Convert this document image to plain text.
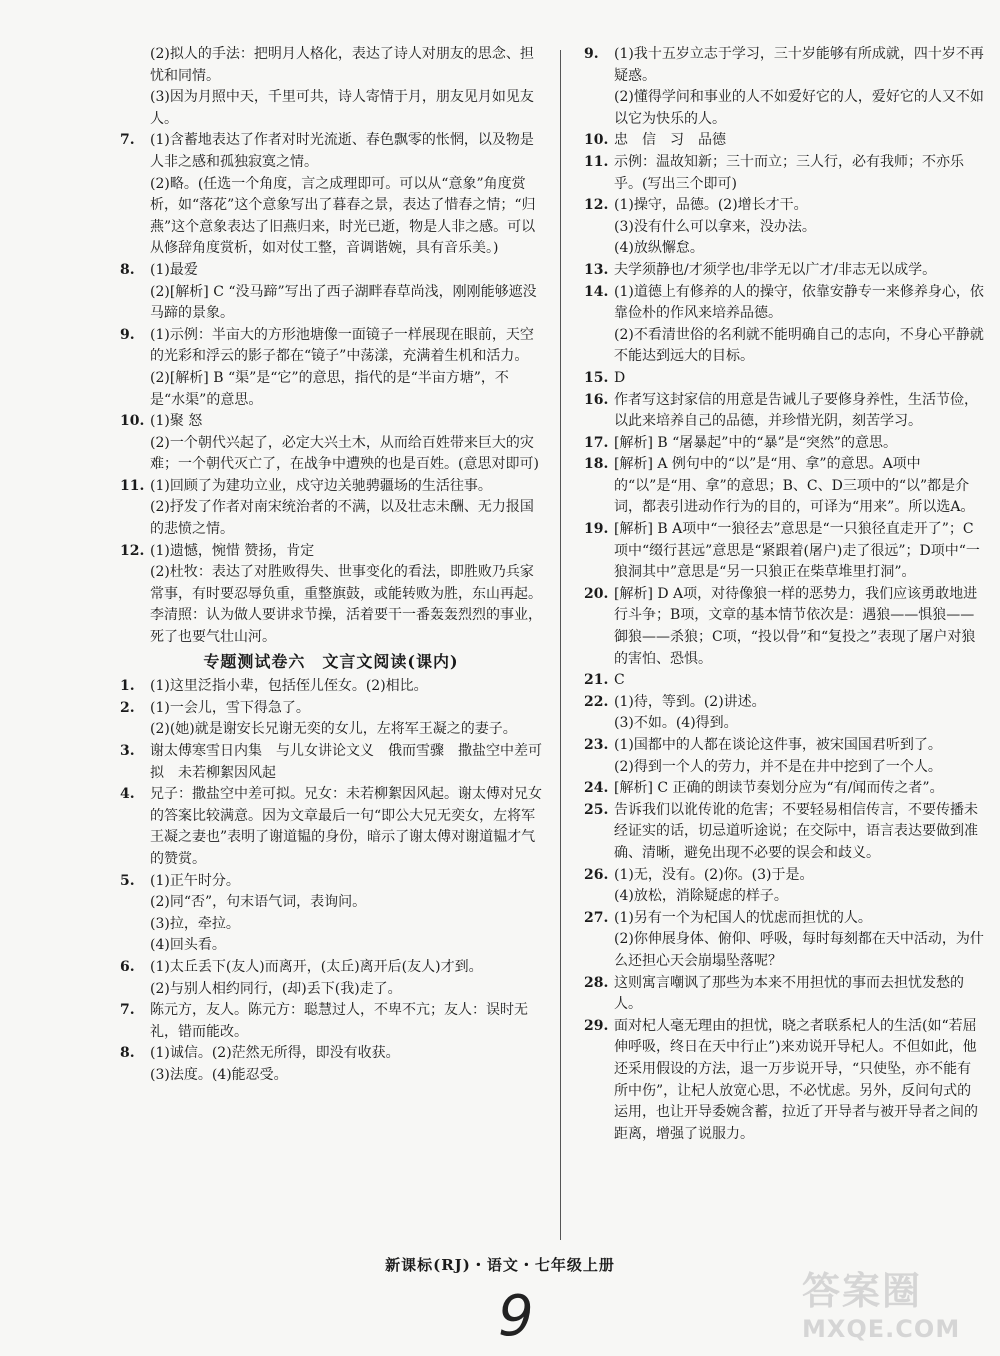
(2)拟人的手法：把明月人格化，表达了诗人对朋友的思念、担忧和同情。

(3)因为月照中天，千里可共，诗人寄情于月，朋友见月如见友人。

7. (1)含蓄地表达了作者对时光流逝、春色飘零的怅惘，以及物是人非之感和孤独寂寞之情。

(2)略。(任选一个角度，言之成理即可。可以从“意象”角度赏析，如“落花”这个意象写出了暮春之景，表达了惜春之情；“归燕”这个意象表达了旧燕归来，时光已逝，物是人非之感。可以从修辞角度赏析，如对仗工整，音调谐婉，具有音乐美。)

8. (1)最爱

(2)[解析] C “没马蹄”写出了西子湖畔春草尚浅，刚刚能够遮没马蹄的景象。

9. (1)示例：半亩大的方形池塘像一面镜子一样展现在眼前，天空的光彩和浮云的影子都在“镜子”中荡漾，充满着生机和活力。

(2)[解析] B “渠”是“它”的意思，指代的是“半亩方塘”，不是“水渠”的意思。

10. (1)聚 怒

(2)一个朝代兴起了，必定大兴土木，从而给百姓带来巨大的灾难；一个朝代灭亡了，在战争中遭殃的也是百姓。(意思对即可)

11. (1)回顾了为建功立业，戍守边关驰骋疆场的生活往事。

(2)抒发了作者对南宋统治者的不满，以及壮志未酬、无力报国的悲愤之情。

12. (1)遗憾，惋惜 赞扬，肯定

(2)杜牧：表达了对胜败得失、世事变化的看法，即胜败乃兵家常事，有时要忍辱负重，重整旗鼓，或能转败为胜，东山再起。

李清照：认为做人要讲求节操，活着要干一番轰轰烈烈的事业，死了也要气壮山河。

专题测试卷六　文言文阅读(课内)
1. (1)这里泛指小辈，包括侄儿侄女。(2)相比。

2. (1)一会儿，雪下得急了。

(2)(她)就是谢安长兄谢无奕的女儿，左将军王凝之的妻子。

3. 谢太傅寒雪日内集　与儿女讲论文义　俄而雪骤　撒盐空中差可拟　未若柳絮因风起

4. 兄子：撒盐空中差可拟。兄女：未若柳絮因风起。谢太傅对兄女的答案比较满意。因为文章最后一句“即公大兄无奕女，左将军王凝之妻也”表明了谢道韫的身份，暗示了谢太傅对谢道韫才气的赞赏。

5. (1)正午时分。

(2)同“否”，句末语气词，表询问。

(3)拉，牵拉。

(4)回头看。

6. (1)太丘丢下(友人)而离开，(太丘)离开后(友人)才到。

(2)与别人相约同行，(却)丢下(我)走了。

7. 陈元方，友人。陈元方：聪慧过人，不卑不亢；友人：误时无礼，错而能改。

8. (1)诚信。(2)茫然无所得，即没有收获。

(3)法度。(4)能忍受。

9. (1)我十五岁立志于学习，三十岁能够有所成就，四十岁不再疑惑。

(2)懂得学问和事业的人不如爱好它的人，爱好它的人又不如以它为快乐的人。

10. 忠　信　习　品德

11. 示例：温故知新；三十而立；三人行，必有我师；不亦乐乎。(写出三个即可)

12. (1)操守，品德。(2)增长才干。

(3)没有什么可以拿来，没办法。

(4)放纵懈怠。

13. 夫学须静也/才须学也/非学无以广才/非志无以成学。

14. (1)道德上有修养的人的操守，依靠安静专一来修养身心，依靠俭朴的作风来培养品德。

(2)不看清世俗的名利就不能明确自己的志向，不身心平静就不能达到远大的目标。

15. D

16. 作者写这封家信的用意是告诫儿子要修身养性，生活节俭，以此来培养自己的品德，并珍惜光阴，刻苦学习。

17. [解析] B “屠暴起”中的“暴”是“突然”的意思。

18. [解析] A 例句中的“以”是“用、拿”的意思。A项中的“以”是“用、拿”的意思；B、C、D三项中的“以”都是介词，都表引进动作行为的目的，可译为“用来”。所以选A。

19. [解析] B A项中“一狼径去”意思是“一只狼径直走开了”；C项中“缀行甚远”意思是“紧跟着(屠户)走了很远”；D项中“一狼洞其中”意思是“另一只狼正在柴草堆里打洞”。

20. [解析] D A项，对待像狼一样的恶势力，我们应该勇敢地进行斗争；B项，文章的基本情节依次是：遇狼——惧狼——御狼——杀狼；C项，“投以骨”和“复投之”表现了屠户对狼的害怕、恐惧。

21. C

22. (1)待，等到。(2)讲述。

(3)不如。(4)得到。

23. (1)国都中的人都在谈论这件事，被宋国国君听到了。

(2)得到一个人的劳力，并不是在井中挖到了一个人。

24. [解析] C 正确的朗读节奏划分应为“有/闻而传之者”。

25. 告诉我们以讹传讹的危害；不要轻易相信传言，不要传播未经证实的话，切忌道听途说；在交际中，语言表达要做到准确、清晰，避免出现不必要的误会和歧义。

26. (1)无，没有。(2)你。(3)于是。

(4)放松，消除疑虑的样子。

27. (1)另有一个为杞国人的忧虑而担忧的人。

(2)你伸展身体、俯仰、呼吸，每时每刻都在天中活动，为什么还担心天会崩塌坠落呢？

28. 这则寓言嘲讽了那些为本来不用担忧的事而去担忧发愁的人。

29. 面对杞人毫无理由的担忧，晓之者联系杞人的生活(如“若屈伸呼吸，终日在天中行止”)来劝说开导杞人。不但如此，他还采用假设的方法，退一万步说开导，“只使坠，亦不能有所中伤”，让杞人放宽心思，不必忧虑。另外，反问句式的运用，也让开导委婉含蓄，拉近了开导者与被开导者之间的距离，增强了说服力。

新课标(RJ)・语文・七年级上册
9	答案圈
MXQE.COM
